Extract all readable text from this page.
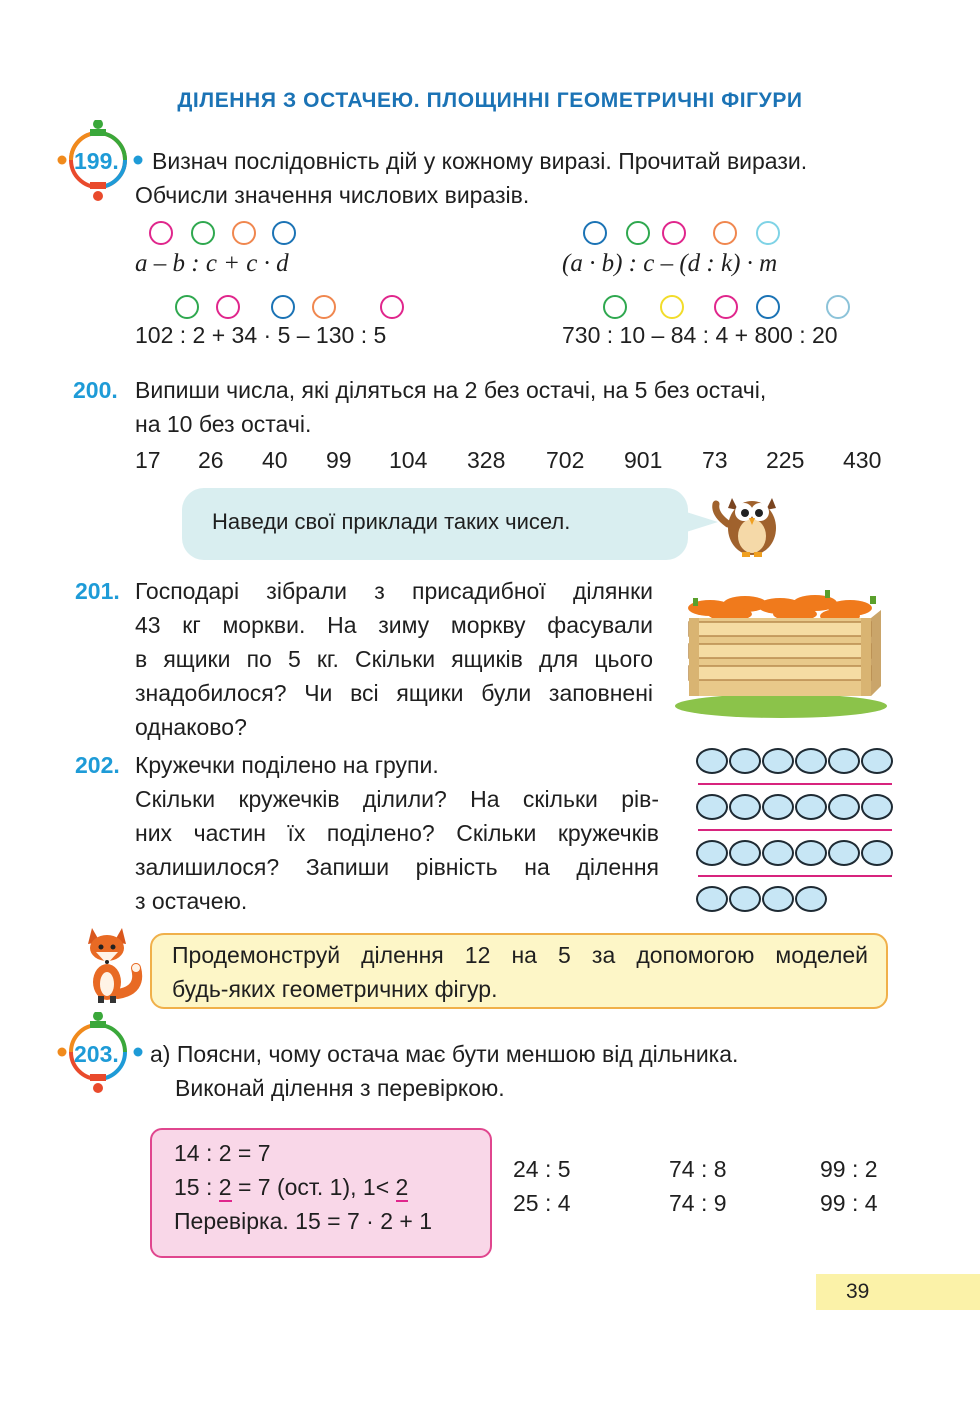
ДІЛЕННЯ З ОСТАЧЕЮ. ПЛОЩИННІ ГЕОМЕТРИЧНІ ФІГУРИ
199. Визнач послідовність дій у кожному виразі. Прочитай вирази.
Обчисли значення числових виразів.
a – b : c + c · d	(a · b) : c – (d : k) · m
102 : 2 + 34 · 5 – 130 : 5	730 : 10 – 84 : 4 + 800 : 20
200. Випиши числа, які діляться на 2 без остачі, на 5 без остачі,
на 10 без остачі.
17 26 40 99 104 328 702 901 73 225 430
Наведи свої приклади таких чисел.
201. Господарі зібрали з присадибної ділянки
43 кг моркви. На зиму моркву фасували
в ящики по 5 кг. Скільки ящиків для цього
знадобилося? Чи всі ящики були заповнені
однаково?
202. Кружечки поділено на групи.
Скільки кружечків ділили? На скільки рів-
них частин їх поділено? Скільки кружечків
залишилося? Запиши рівність на ділення
з остачею.
Продемонструй ділення 12 на 5 за допомогою моделей
будь-яких геометричних фігур.
203. а) Поясни, чому остача має бути меншою від дільника.
Виконай ділення з перевіркою.
14 : 2 = 7
15 : 2 = 7 (ост. 1), 1< 2
Перевірка. 15 = 7 · 2 + 1
24 : 5
25 : 4
74 : 8
74 : 9
99 : 2
99 : 4
39
